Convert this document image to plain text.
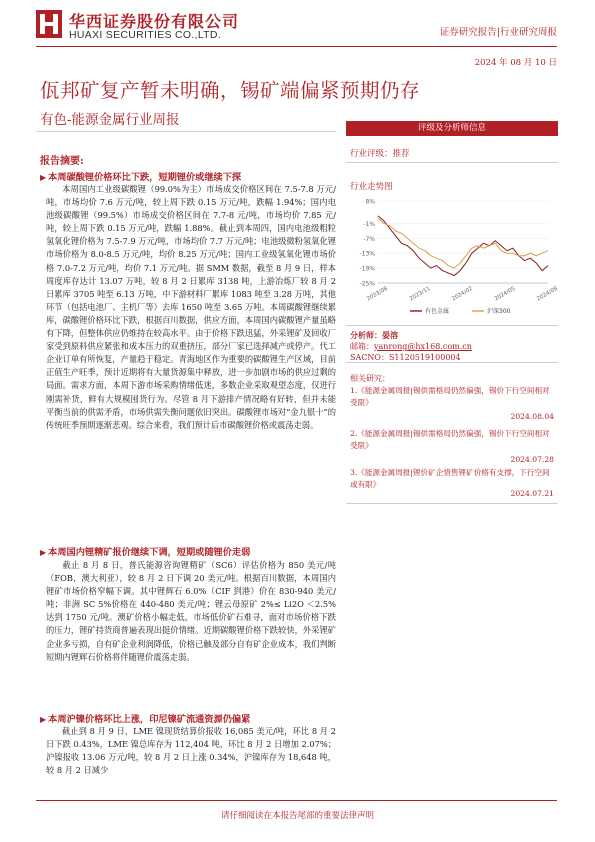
华西证券股份有限公司
HUAXI SECURITIES CO.,LTD.	证券研究报告|行业研究周报
2024 年 08 月 10 日
佤邦矿复产暂未明确，锡矿端偏紧预期仍存
有色-能源金属行业周报
报告摘要:
▶ 本周碳酸锂价格环比下跌，短期锂价或继续下探
本周国内工业级碳酸锂（99.0%为主）市场成交价格区间在 7.5-7.8 万元/吨，市场均价 7.6 万元/吨，较上周下跌 0.15 万元/吨，跌幅 1.94%；国内电池级碳酸锂（99.5%）市场成交价格区间在 7.7-8 元/吨，市场均价 7.85 元/吨，较上周下跌 0.15 万元/吨，跌幅 1.88%。截止到本周四，国内电池级粗粒氢氧化锂价格为 7.5-7.9 万元/吨，市场均价 7.7 万元/吨；电池级微粉氢氧化锂市场价格为 8.0-8.5 万元/吨，均价 8.25 万元/吨；国内工业级氢氧化锂市场价格 7.0-7.2 万元/吨，均价 7.1 万元/吨。据 SMM 数据，截至 8 月 9 日，样本周度库存达计 13.07 万吨，较 8 月 2 日累库 3138 吨，上游冶炼厂较 8 月 2 日累库 3705 吨至 6.13 万吨，中下游材料厂累库 1083 吨至 3.28 万吨，其他环节（包括电池厂、主机厂等）去库 1650 吨至 3.65 万吨。本周碳酸锂继续累库，碳酸锂价格环比下跌，根据百川数据，供应方面，本周国内碳酸锂产量虽略有下降，但整体供应仍维持在较高水平。由于价格下跌迅猛，外采锂矿及回收厂家受到原料供应紧张和成本压力的双重挤压，部分厂家已选择减产或停产。代工企业订单有所恢复，产量趋于稳定。青海地区作为重要的碳酸锂生产区域，目前正值生产旺季，预计近期将有大量货源集中释放，进一步加剧市场的供应过剩的局面。需求方面，本周下游市场采购情绪低迷，多数企业采取观望态度，仅进行刚需补货，鲜有大规模囤货行为。尽管 8 月下游排产情况略有好转，但并未能平衡当前的供需矛盾，市场供需失衡问题依旧突出。碳酸锂市场对“金九银十”的传统旺季预期逐渐悲观。综合来看，我们预计后市碳酸锂价格或震荡走弱。
▶ 本周国内锂精矿报价继续下调，短期或随锂价走弱
截止 8 月 8 日，普氏能源咨询锂精矿（SC6）评估价格为 850 美元/吨（FOB，澳大利亚），较 8 月 2 日下调 20 美元/吨。根据百川数据，本周国内锂矿市场价格窄幅下调。其中锂辉石 6.0%（CIF 到港）价在 830-940 美元/吨；非洲 SC 5%价格在 440-480 美元/吨；锂云母原矿 2%≤ Li2O ＜2.5%达到 1750 元/吨。澳矿价格小幅走低，市场低价矿石难寻，面对市场价格下跌的压力，锂矿持货商普遍表现出挺价情绪。近期碳酸锂价格下跌较快，外采锂矿企业多亏损，自有矿企业利润降低，价格已触及部分自有矿企业成本，我们判断短期内锂辉石价格将伴随锂价震荡走弱。
▶ 本周沪镍价格环比上涨，印尼镍矿流通资源仍偏紧
截止到 8 月 9 日，LME 镍现货结算价报收 16,085 美元/吨，环比 8 月 2 日下跌 0.43%，LME 镍总库存为 112,404 吨，环比 8 月 2 日增加 2.07%；沪镍报收 13.06 万元/吨，较 8 月 2 日上涨 0.34%，沪镍库存为 18,648 吨，较 8 月 2 日减少
评级及分析师信息
行业评级：推荐
行业走势图
8%
-1%
-7%
-13%
-19%
-25%
2023/08	2023/11	2024/02	2024/05	2024/08
有色金属	沪深300
分析师：晏溶
邮箱：yanrong@hx168.com.cn
SACNO：S1120519100004
相关研究：
1.《能源金属周报|锡供需格局仍然偏强，锡价下行空间相对受限》
2024.08.04
2.《能源金属周报|锡供需格局仍然偏强，锡价下行空间相对受限》
2024.07.28
3.《能源金属周报|锂价矿企惜售锂矿价格有支撑，下行空间或有限》
2024.07.21
请仔细阅读在本报告尾部的重要法律声明
